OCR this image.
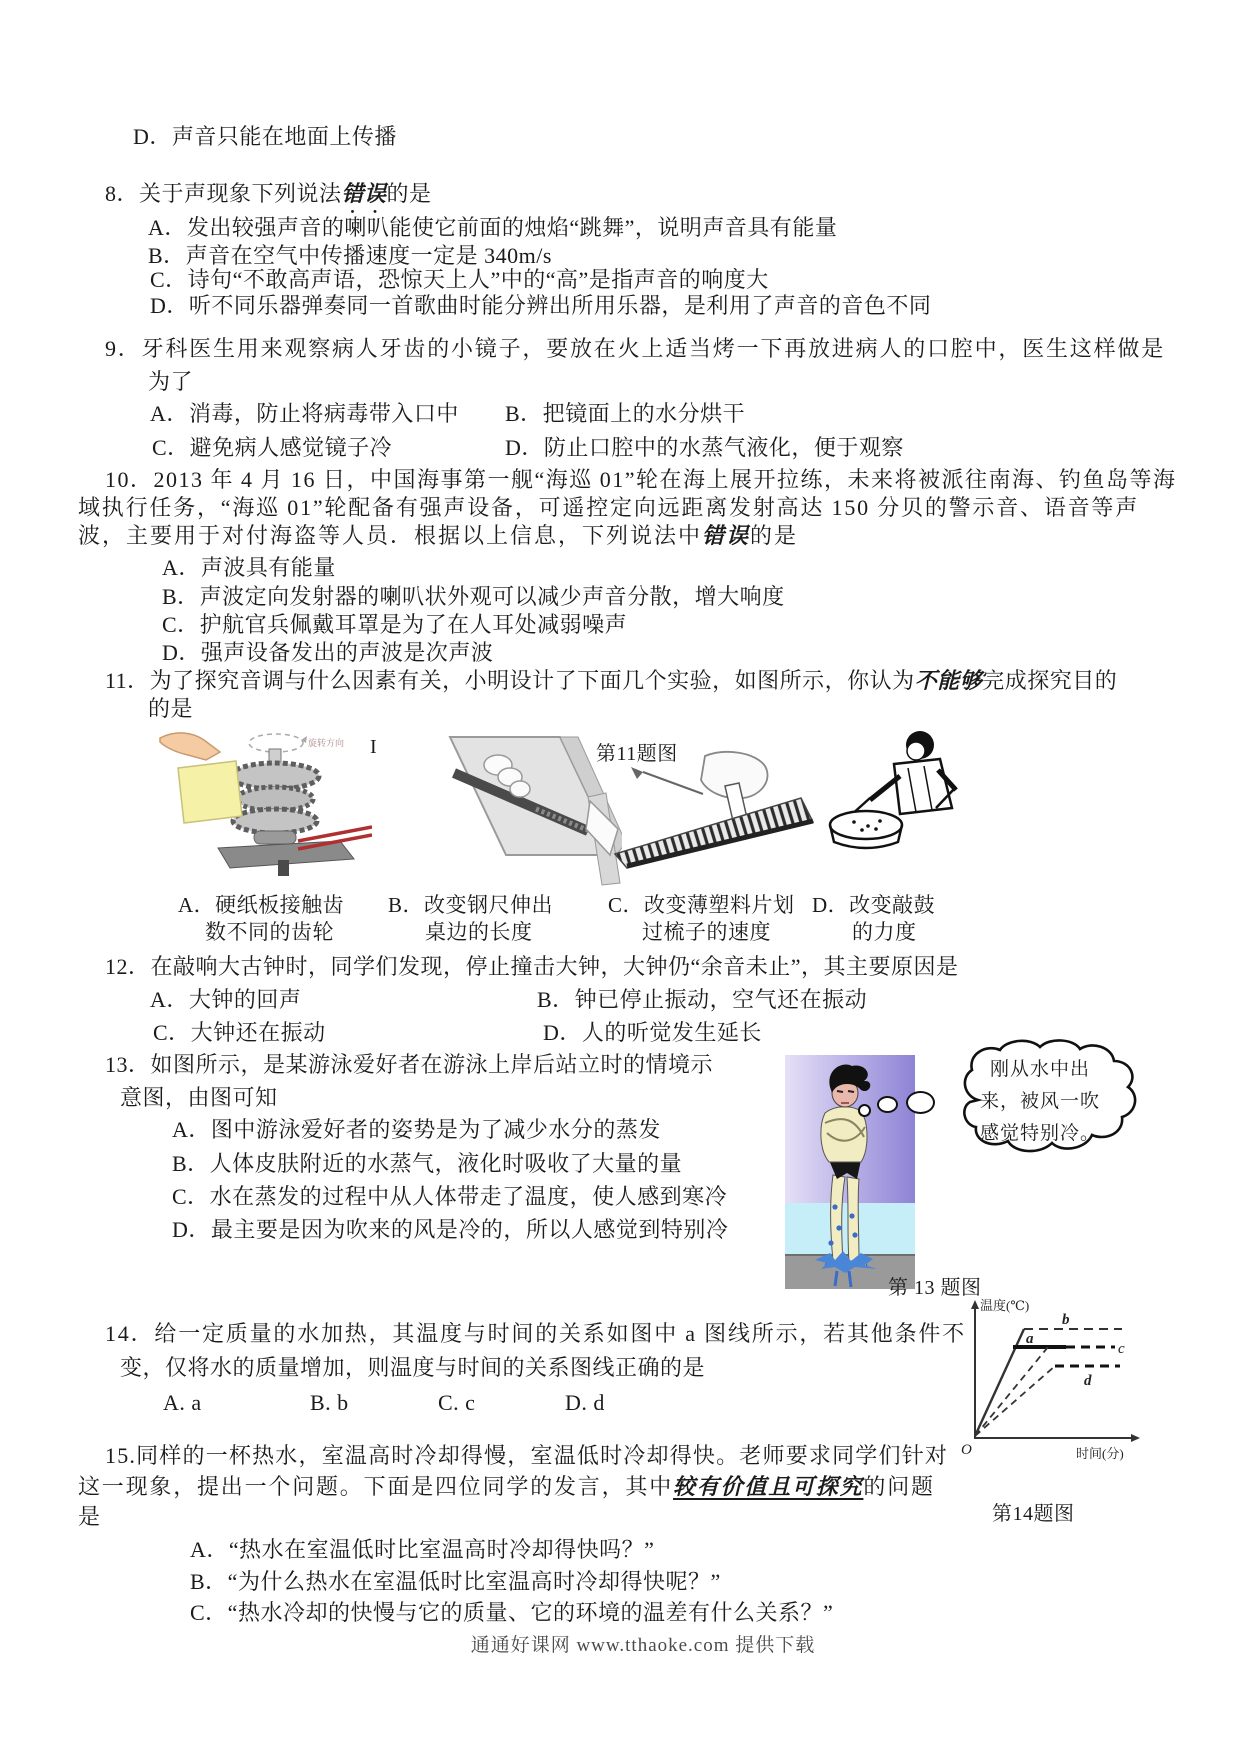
D．声音只能在地面上传播
8．关于声现象下列说法错误的是
A．发出较强声音的喇叭能使它前面的烛焰“跳舞”，说明声音具有能量
B．声音在空气中传播速度一定是 340m/s
C．诗句“不敢高声语，恐惊天上人”中的“高”是指声音的响度大
D．听不同乐器弹奏同一首歌曲时能分辨出所用乐器，是利用了声音的音色不同
9．牙科医生用来观察病人牙齿的小镜子，要放在火上适当烤一下再放进病人的口腔中，医生这样做是
为了
A．消毒，防止将病毒带入口中 B．把镜面上的水分烘干
C．避免病人感觉镜子冷	D．防止口腔中的水蒸气液化，便于观察
10．2013 年 4 月 16 日，中国海事第一舰“海巡 01”轮在海上展开拉练，未来将被派往南海、钓鱼岛等海
域执行任务，“海巡 01”轮配备有强声设备，可遥控定向远距离发射高达 150 分贝的警示音、语音等声
波，主要用于对付海盗等人员．根据以上信息，下列说法中错误的是
A．声波具有能量
B．声波定向发射器的喇叭状外观可以减少声音分散，增大响度
C．护航官兵佩戴耳罩是为了在人耳处减弱噪声
D．强声设备发出的声波是次声波
11．为了探究音调与什么因素有关，小明设计了下面几个实验，如图所示，你认为不能够完成探究目的
的是
第11题图
I
旋转方向
A．硬纸板接触齿
数不同的齿轮
B．改变钢尺伸出
桌边的长度
C．改变薄塑料片划
过梳子的速度
D．改变敲鼓
的力度
12．在敲响大古钟时，同学们发现，停止撞击大钟，大钟仍“余音未止”，其主要原因是
A．大钟的回声	B．钟已停止振动，空气还在振动
C．大钟还在振动	D．人的听觉发生延长
13．如图所示，是某游泳爱好者在游泳上岸后站立时的情境示
意图，由图可知
A．图中游泳爱好者的姿势是为了减少水分的蒸发
B．人体皮肤附近的水蒸气，液化时吸收了大量的量
C．水在蒸发的过程中从人体带走了温度，使人感到寒冷
D．最主要是因为吹来的风是冷的，所以人感觉到特别冷
刚从水中出
来，被风一吹
感觉特别冷。
第 13 题图
14．给一定质量的水加热，其温度与时间的关系如图中 a 图线所示，若其他条件不
变，仅将水的质量增加，则温度与时间的关系图线正确的是
A. a	B. b	C. c	D. d
温度(℃)
时间(分)
O
b
a
c
d
第14题图
15.同样的一杯热水，室温高时冷却得慢，室温低时冷却得快。老师要求同学们针对
这一现象，提出一个问题。下面是四位同学的发言，其中较有价值且可探究的问题
是
A．“热水在室温低时比室温高时冷却得快吗？”
B．“为什么热水在室温低时比室温高时冷却得快呢？”
C．“热水冷却的快慢与它的质量、它的环境的温差有什么关系？”
通通好课网 www.tthaoke.com 提供下载
